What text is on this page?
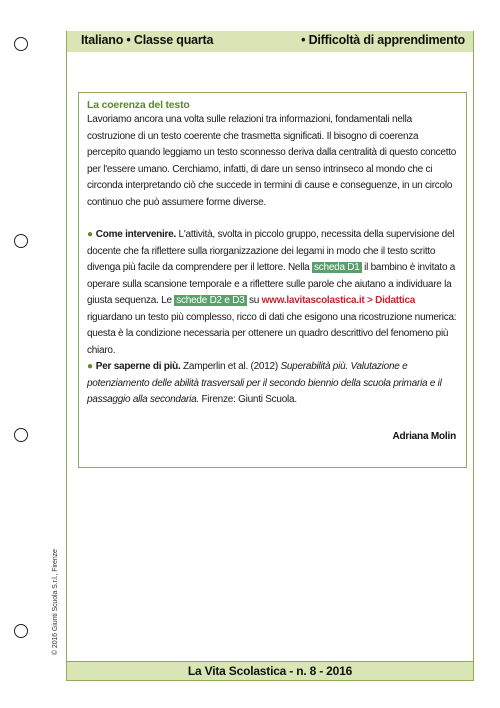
Italiano • Classe quarta	• Difficoltà di apprendimento
La coerenza del testo
Lavoriamo ancora una volta sulle relazioni tra informazioni, fondamentali nella costruzione di un testo coerente che trasmetta significati. Il bisogno di coerenza percepito quando leggiamo un testo sconnesso deriva dalla centralità di questo concetto per l'essere umano. Cerchiamo, infatti, di dare un senso intrinseco al mondo che ci circonda interpretando ciò che succede in termini di cause e conseguenze, in un circolo continuo che può assumere forme diverse.
● Come intervenire. L'attività, svolta in piccolo gruppo, necessita della supervisione del docente che fa riflettere sulla riorganizzazione dei legami in modo che il testo scritto divenga più facile da comprendere per il lettore. Nella scheda D1 il bambino è invitato a operare sulla scansione temporale e a riflettere sulle parole che aiutano a individuare la giusta sequenza. Le schede D2 e D3 su www.lavitascolastica.it > Didattica riguardano un testo più complesso, ricco di dati che esigono una ricostruzione numerica: questa è la condizione necessaria per ottenere un quadro descrittivo del fenomeno più chiaro.
● Per saperne di più. Zamperlin et al. (2012) Superabilità più. Valutazione e potenziamento delle abilità trasversali per il secondo biennio della scuola primaria e il passaggio alla secondaria. Firenze: Giunti Scuola.
Adriana Molin
© 2016 Giunti Scuola S.r.l., Firenze
La Vita Scolastica - n. 8 - 2016
